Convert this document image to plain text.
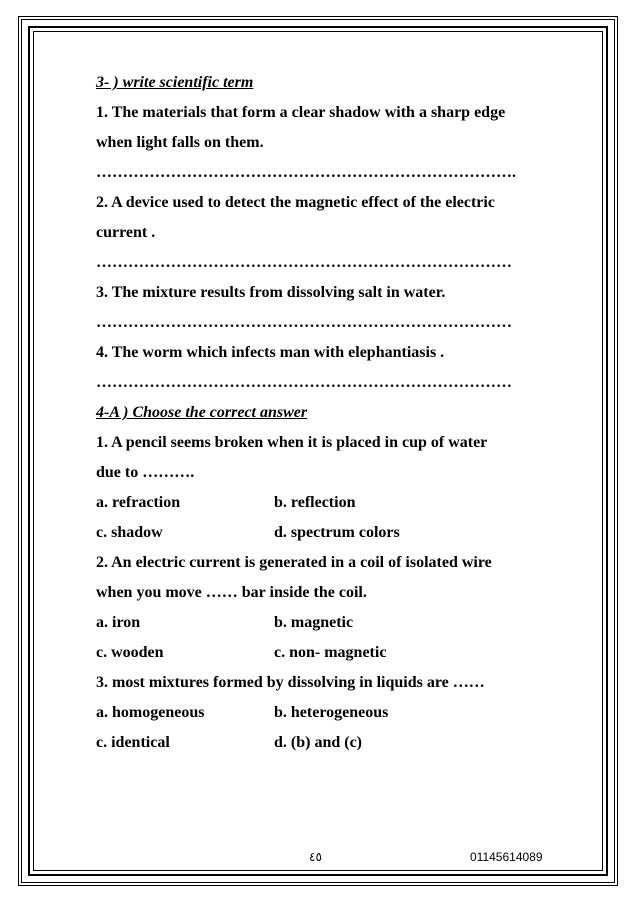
3- ) write scientific term
1. The materials that form a clear shadow with a sharp edge
when light falls on them.
…………………………………………………………………….
2. A device used to detect the magnetic effect of the electric
current .
……………………………………………………………………
3. The mixture results from dissolving salt in water.
……………………………………………………………………
4. The worm which infects man with elephantiasis .
……………………………………………………………………
4-A ) Choose the correct answer
1. A pencil seems broken when it is placed in cup of water
due to ……….
a. refraction	b. reflection
c. shadow	d. spectrum colors
2. An electric current is generated in a coil of isolated wire
when you move …… bar inside the coil.
a. iron	b. magnetic
c. wooden	c. non- magnetic
3. most mixtures formed by dissolving in liquids are ……
a. homogeneous	b. heterogeneous
c. identical	d. (b) and (c)
٤٥	01145614089
